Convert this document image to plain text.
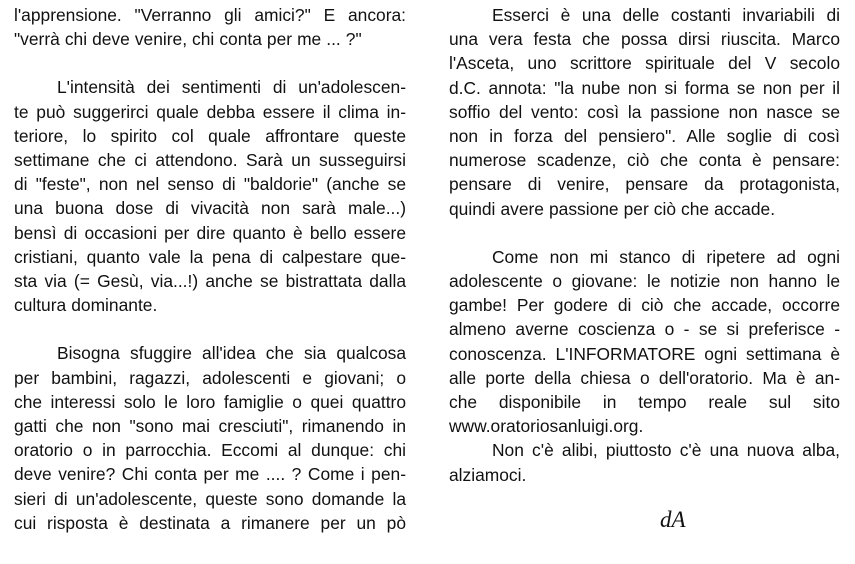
l'apprensione. "Verranno gli amici?" E ancora:
"verrà chi deve venire, chi conta per me ... ?"
L'intensità dei sentimenti di un'adolescen-
te può suggerirci quale debba essere il clima in-
teriore, lo spirito col quale affrontare queste
settimane che ci attendono. Sarà un susseguirsi
di "feste", non nel senso di "baldorie" (anche se
una buona dose di vivacità non sarà male...)
bensì di occasioni per dire quanto è bello essere
cristiani, quanto vale la pena di calpestare que-
sta via (= Gesù, via...!) anche se bistrattata dalla
cultura dominante.
Bisogna sfuggire all'idea che sia qualcosa
per bambini, ragazzi, adolescenti e giovani; o
che interessi solo le loro famiglie o quei quattro
gatti che non "sono mai cresciuti", rimanendo in
oratorio o in parrocchia. Eccomi al dunque: chi
deve venire? Chi conta per me .... ? Come i pen-
sieri di un'adolescente, queste sono domande la
cui risposta è destinata a rimanere per un pò
Esserci è una delle costanti invariabili di
una vera festa che possa dirsi riuscita. Marco
l'Asceta, uno scrittore spirituale del V secolo
d.C. annota: "la nube non si forma se non per il
soffio del vento: così la passione non nasce se
non in forza del pensiero". Alle soglie di così
numerose scadenze, ciò che conta è pensare:
pensare di venire, pensare da protagonista,
quindi avere passione per ciò che accade.
Come non mi stanco di ripetere ad ogni
adolescente o giovane: le notizie non hanno le
gambe! Per godere di ciò che accade, occorre
almeno averne coscienza o - se si preferisce -
conoscenza. L'INFORMATORE ogni settimana è
alle porte della chiesa o dell'oratorio. Ma è an-
che disponibile in tempo reale sul sito
www.oratoriosanluigi.org.
Non c'è alibi, piuttosto c'è una nuova alba,
alziamoci.
dA
